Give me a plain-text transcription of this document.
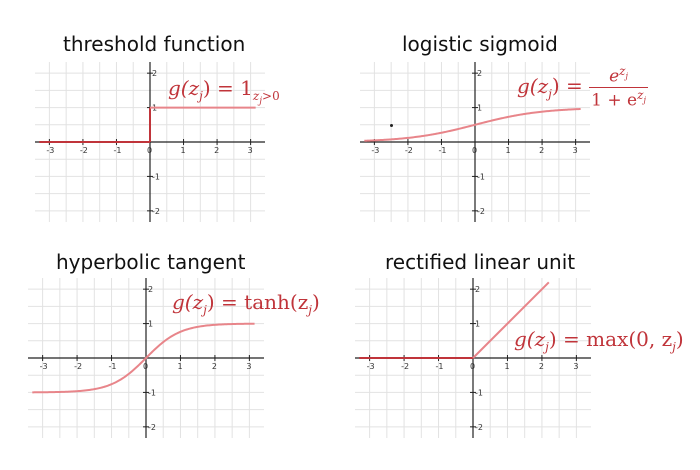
threshold function	logistic sigmoid
hyperbolic tangent	rectified linear unit
-3	-2	-1	0	1	2	3
2
1
-1
-2
-3	-2	-1	0	1	2	3
2
1
-1
-2
-3	-2	-1	0	1	2	3
2
1
-1
-2
-3	-2	-1	0	1	2	3
2
1
-1
-2
$g(z_j) = 1_{z_j>0}$	$g(z_j) = \frac{e^{z_j}}{1 + e^{z_j}}$
$g(z_j) = \tanh(z_j)$
$g(z_j) = \max(0$, $z_j$)
